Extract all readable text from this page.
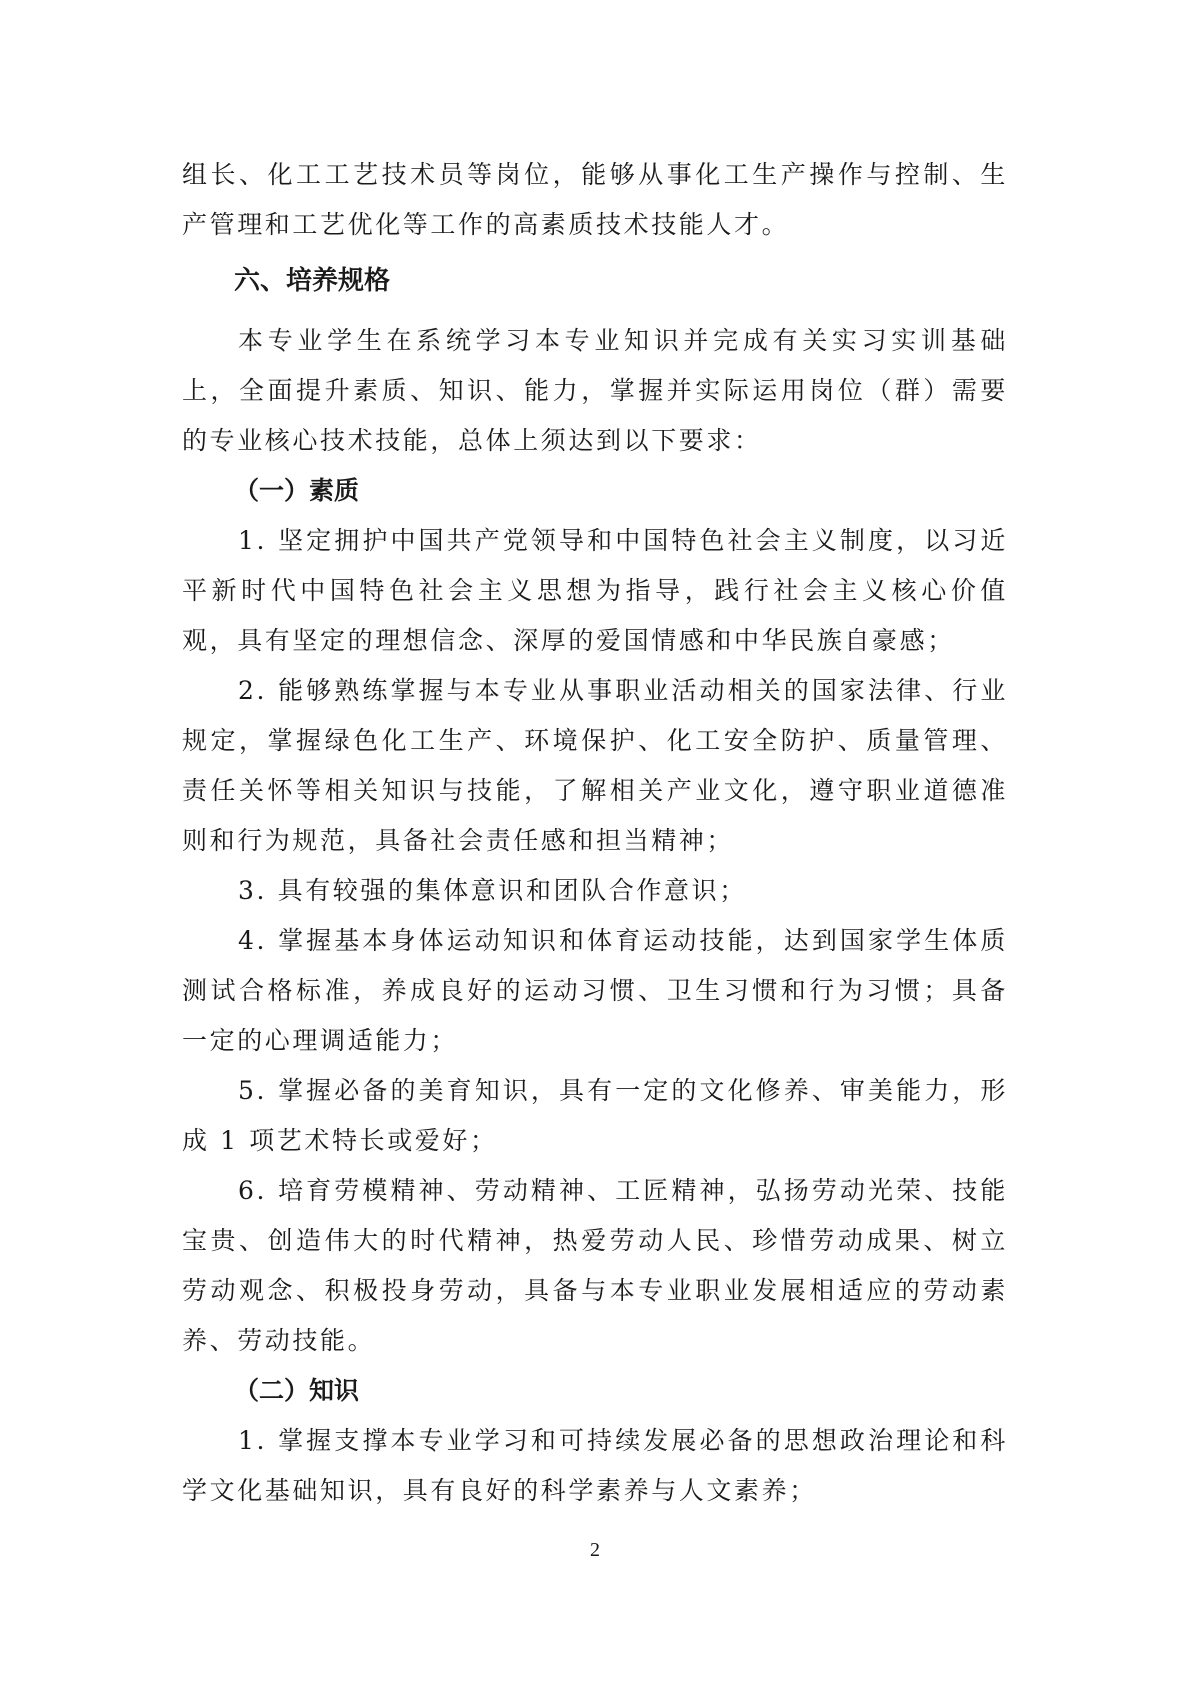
组长、化工工艺技术员等岗位，能够从事化工生产操作与控制、生产管理和工艺优化等工作的高素质技术技能人才。

六、培养规格

本专业学生在系统学习本专业知识并完成有关实习实训基础上，全面提升素质、知识、能力，掌握并实际运用岗位（群）需要的专业核心技术技能，总体上须达到以下要求：

（一）素质

1. 坚定拥护中国共产党领导和中国特色社会主义制度，以习近平新时代中国特色社会主义思想为指导，践行社会主义核心价值观，具有坚定的理想信念、深厚的爱国情感和中华民族自豪感；

2. 能够熟练掌握与本专业从事职业活动相关的国家法律、行业规定，掌握绿色化工生产、环境保护、化工安全防护、质量管理、责任关怀等相关知识与技能，了解相关产业文化，遵守职业道德准则和行为规范，具备社会责任感和担当精神；

3. 具有较强的集体意识和团队合作意识；

4. 掌握基本身体运动知识和体育运动技能，达到国家学生体质测试合格标准，养成良好的运动习惯、卫生习惯和行为习惯；具备一定的心理调适能力；

5. 掌握必备的美育知识，具有一定的文化修养、审美能力，形成 1 项艺术特长或爱好；

6. 培育劳模精神、劳动精神、工匠精神，弘扬劳动光荣、技能宝贵、创造伟大的时代精神，热爱劳动人民、珍惜劳动成果、树立劳动观念、积极投身劳动，具备与本专业职业发展相适应的劳动素养、劳动技能。

（二）知识

1. 掌握支撑本专业学习和可持续发展必备的思想政治理论和科学文化基础知识，具有良好的科学素养与人文素养；

2
